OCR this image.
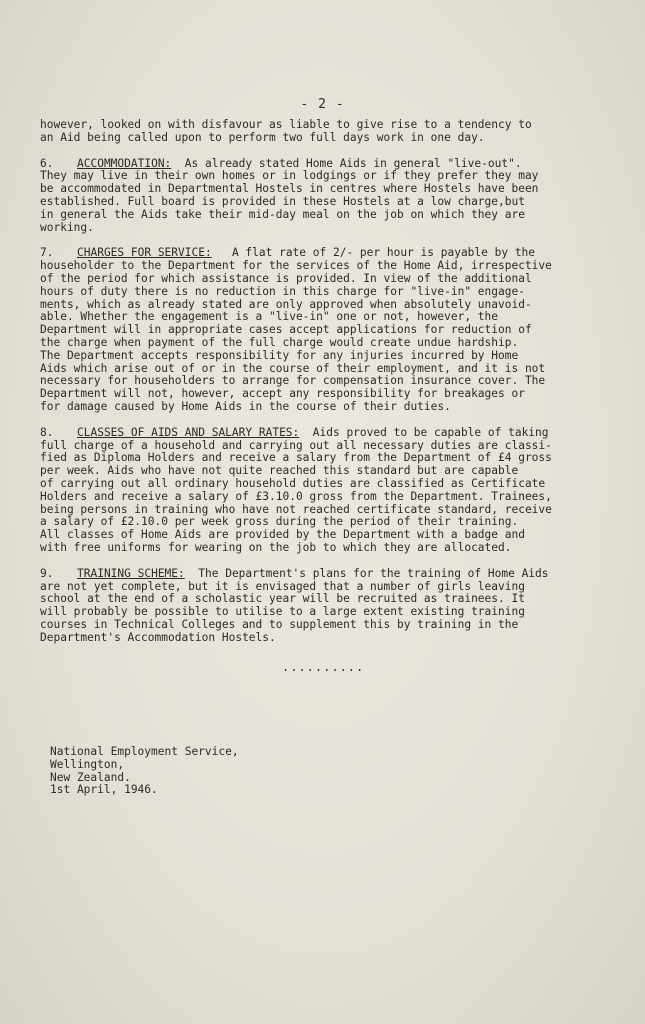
- 2 -

however, looked on with disfavour as liable to give rise to a tendency to
an Aid being called upon to perform two full days work in one day.

6. ACCOMMODATION: As already stated Home Aids in general "live-out".
They may live in their own homes or in lodgings or if they prefer they may
be accommodated in Departmental Hostels in centres where Hostels have been
established. Full board is provided in these Hostels at a low charge,but
in general the Aids take their mid-day meal on the job on which they are
working.

7. CHARGES FOR SERVICE: A flat rate of 2/- per hour is payable by the
householder to the Department for the services of the Home Aid, irrespective
of the period for which assistance is provided. In view of the additional
hours of duty there is no reduction in this charge for "live-in" engage-
ments, which as already stated are only approved when absolutely unavoid-
able. Whether the engagement is a "live-in" one or not, however, the
Department will in appropriate cases accept applications for reduction of
the charge when payment of the full charge would create undue hardship.
The Department accepts responsibility for any injuries incurred by Home
Aids which arise out of or in the course of their employment, and it is not
necessary for householders to arrange for compensation insurance cover. The
Department will not, however, accept any responsibility for breakages or
for damage caused by Home Aids in the course of their duties.

8. CLASSES OF AIDS AND SALARY RATES: Aids proved to be capable of taking
full charge of a household and carrying out all necessary duties are classi-
fied as Diploma Holders and receive a salary from the Department of £4 gross
per week. Aids who have not quite reached this standard but are capable
of carrying out all ordinary household duties are classified as Certificate
Holders and receive a salary of £3.10.0 gross from the Department. Trainees,
being persons in training who have not reached certificate standard, receive
a salary of £2.10.0 per week gross during the period of their training.
All classes of Home Aids are provided by the Department with a badge and
with free uniforms for wearing on the job to which they are allocated.

9. TRAINING SCHEME: The Department's plans for the training of Home Aids
are not yet complete, but it is envisaged that a number of girls leaving
school at the end of a scholastic year will be recruited as trainees. It
will probably be possible to utilise to a large extent existing training
courses in Technical Colleges and to supplement this by training in the
Department's Accommodation Hostels.

..........
National Employment Service,
Wellington,
New Zealand.
1st April, 1946.
